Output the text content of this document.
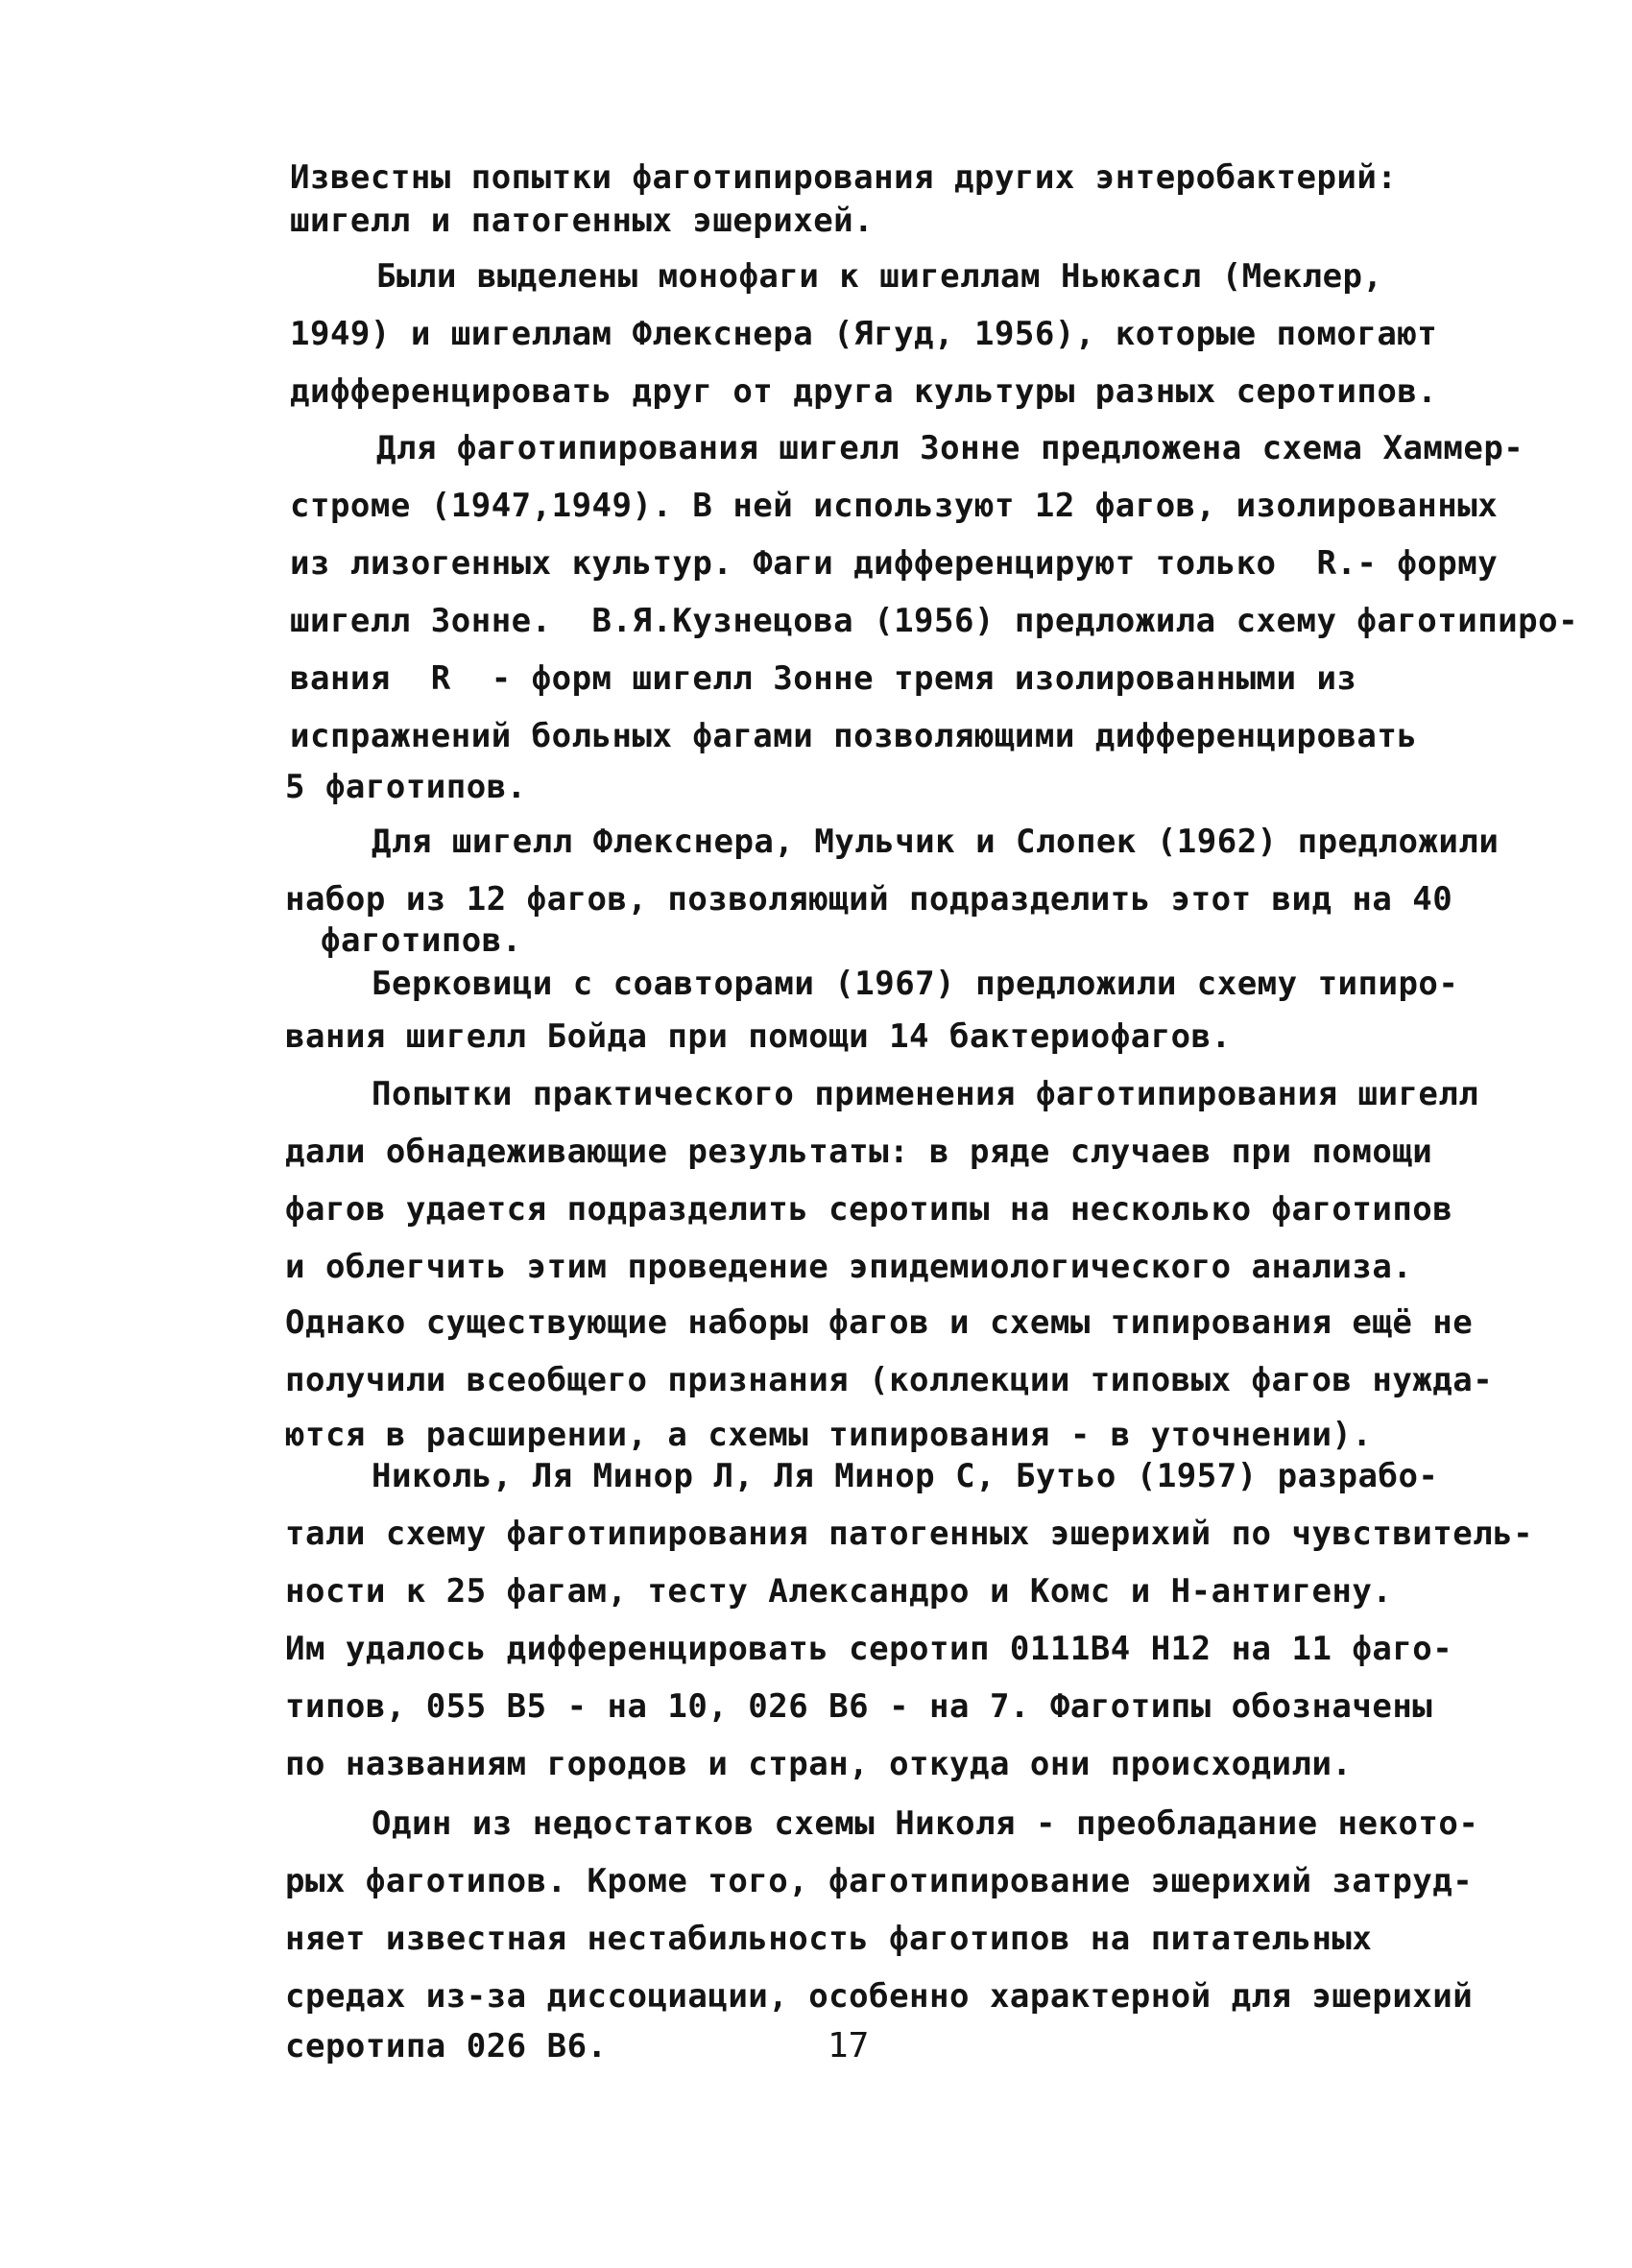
Известны попытки фаготипирования других энтеробактерий:
шигелл и патогенных эшерихей.
Были выделены монофаги к шигеллам Ньюкасл (Меклер,
1949) и шигеллам Флекснера (Ягуд, 1956), которые помогают
дифференцировать друг от друга культуры разных серотипов.
Для фаготипирования шигелл Зонне предложена схема Хаммер-
строме (1947,1949). В ней используют 12 фагов, изолированных
из лизогенных культур. Фаги дифференцируют только  R.- форму
шигелл Зонне.  В.Я.Кузнецова (1956) предложила схему фаготипиро-
вания  R  - форм шигелл Зонне тремя изолированными из
испражнений больных фагами позволяющими дифференцировать
5 фаготипов.
Для шигелл Флекснера, Мульчик и Слопек (1962) предложили
набор из 12 фагов, позволяющий подразделить этот вид на 40
фаготипов.
Берковици с соавторами (1967) предложили схему типиро-
вания шигелл Бойда при помощи 14 бактериофагов.
Попытки практического применения фаготипирования шигелл
дали обнадеживающие результаты: в ряде случаев при помощи
фагов удается подразделить серотипы на несколько фаготипов
и облегчить этим проведение эпидемиологического анализа.
Однако существующие наборы фагов и схемы типирования ещё не
получили всеобщего признания (коллекции типовых фагов нужда-
ются в расширении, а схемы типирования - в уточнении).
Николь, Ля Минор Л, Ля Минор С, Бутьо (1957) разрабо-
тали схему фаготипирования патогенных эшерихий по чувствитель-
ности к 25 фагам, тесту Александро и Комс и Н-антигену.
Им удалось дифференцировать серотип 0111В4 Н12 на 11 фаго-
типов, 055 В5 - на 10, 026 В6 - на 7. Фаготипы обозначены
по названиям городов и стран, откуда они происходили.
Один из недостатков схемы Николя - преобладание некото-
рых фаготипов. Кроме того, фаготипирование эшерихий затруд-
няет известная нестабильность фаготипов на питательных
средах из-за диссоциации, особенно характерной для эшерихий
серотипа 026 В6.	17
